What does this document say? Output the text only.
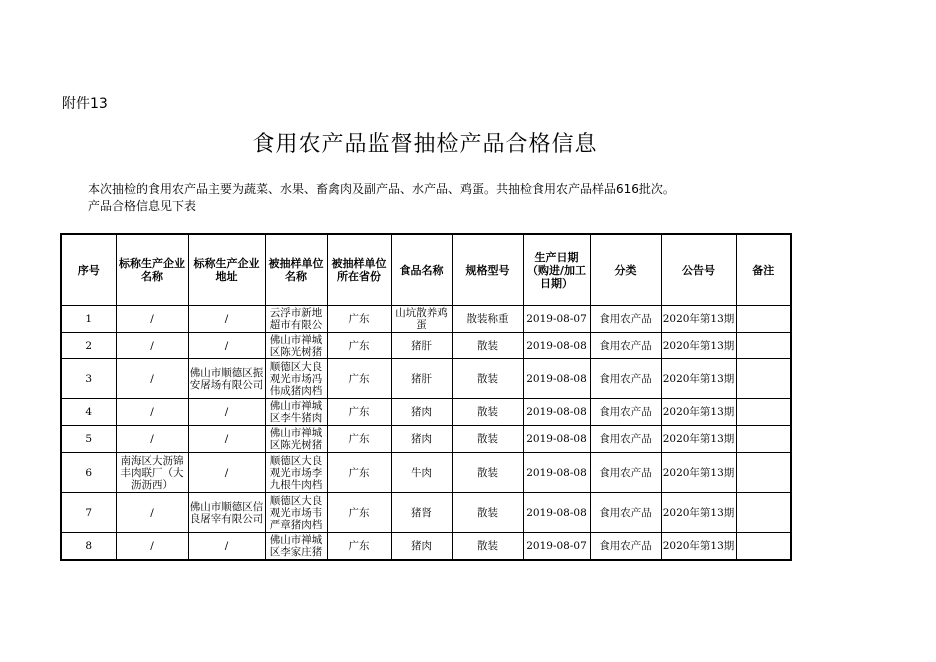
附件13
食用农产品监督抽检产品合格信息
本次抽检的食用农产品主要为蔬菜、水果、畜禽肉及副产品、水产品、鸡蛋。共抽检食用农产品样品616批次。
产品合格信息见下表
序号	标称生产企业名称	标称生产企业地址	被抽样单位名称	被抽样单位所在省份	食品名称	规格型号	生产日期（购进/加工日期）	分类	公告号	备注
1	/	/	云浮市新地超市有限公	广东	山坑散养鸡蛋	散装称重	2019-08-07	食用农产品	2020年第13期	
2	/	/	佛山市禅城区陈光树猪	广东	猪肝	散装	2019-08-08	食用农产品	2020年第13期	
3	/	佛山市顺德区振安屠场有限公司	顺德区大良观光市场冯伟成猪肉档	广东	猪肝	散装	2019-08-08	食用农产品	2020年第13期	
4	/	/	佛山市禅城区李牛猪肉	广东	猪肉	散装	2019-08-08	食用农产品	2020年第13期	
5	/	/	佛山市禅城区陈光树猪	广东	猪肉	散装	2019-08-08	食用农产品	2020年第13期	
6	南海区大沥锦丰肉联厂（大沥沥西）	/	顺德区大良观光市场李九根牛肉档	广东	牛肉	散装	2019-08-08	食用农产品	2020年第13期	
7	/	佛山市顺德区信良屠宰有限公司	顺德区大良观光市场韦严章猪肉档	广东	猪肾	散装	2019-08-08	食用农产品	2020年第13期	
8	/	/	佛山市禅城区李家庄猪	广东	猪肉	散装	2019-08-07	食用农产品	2020年第13期	
